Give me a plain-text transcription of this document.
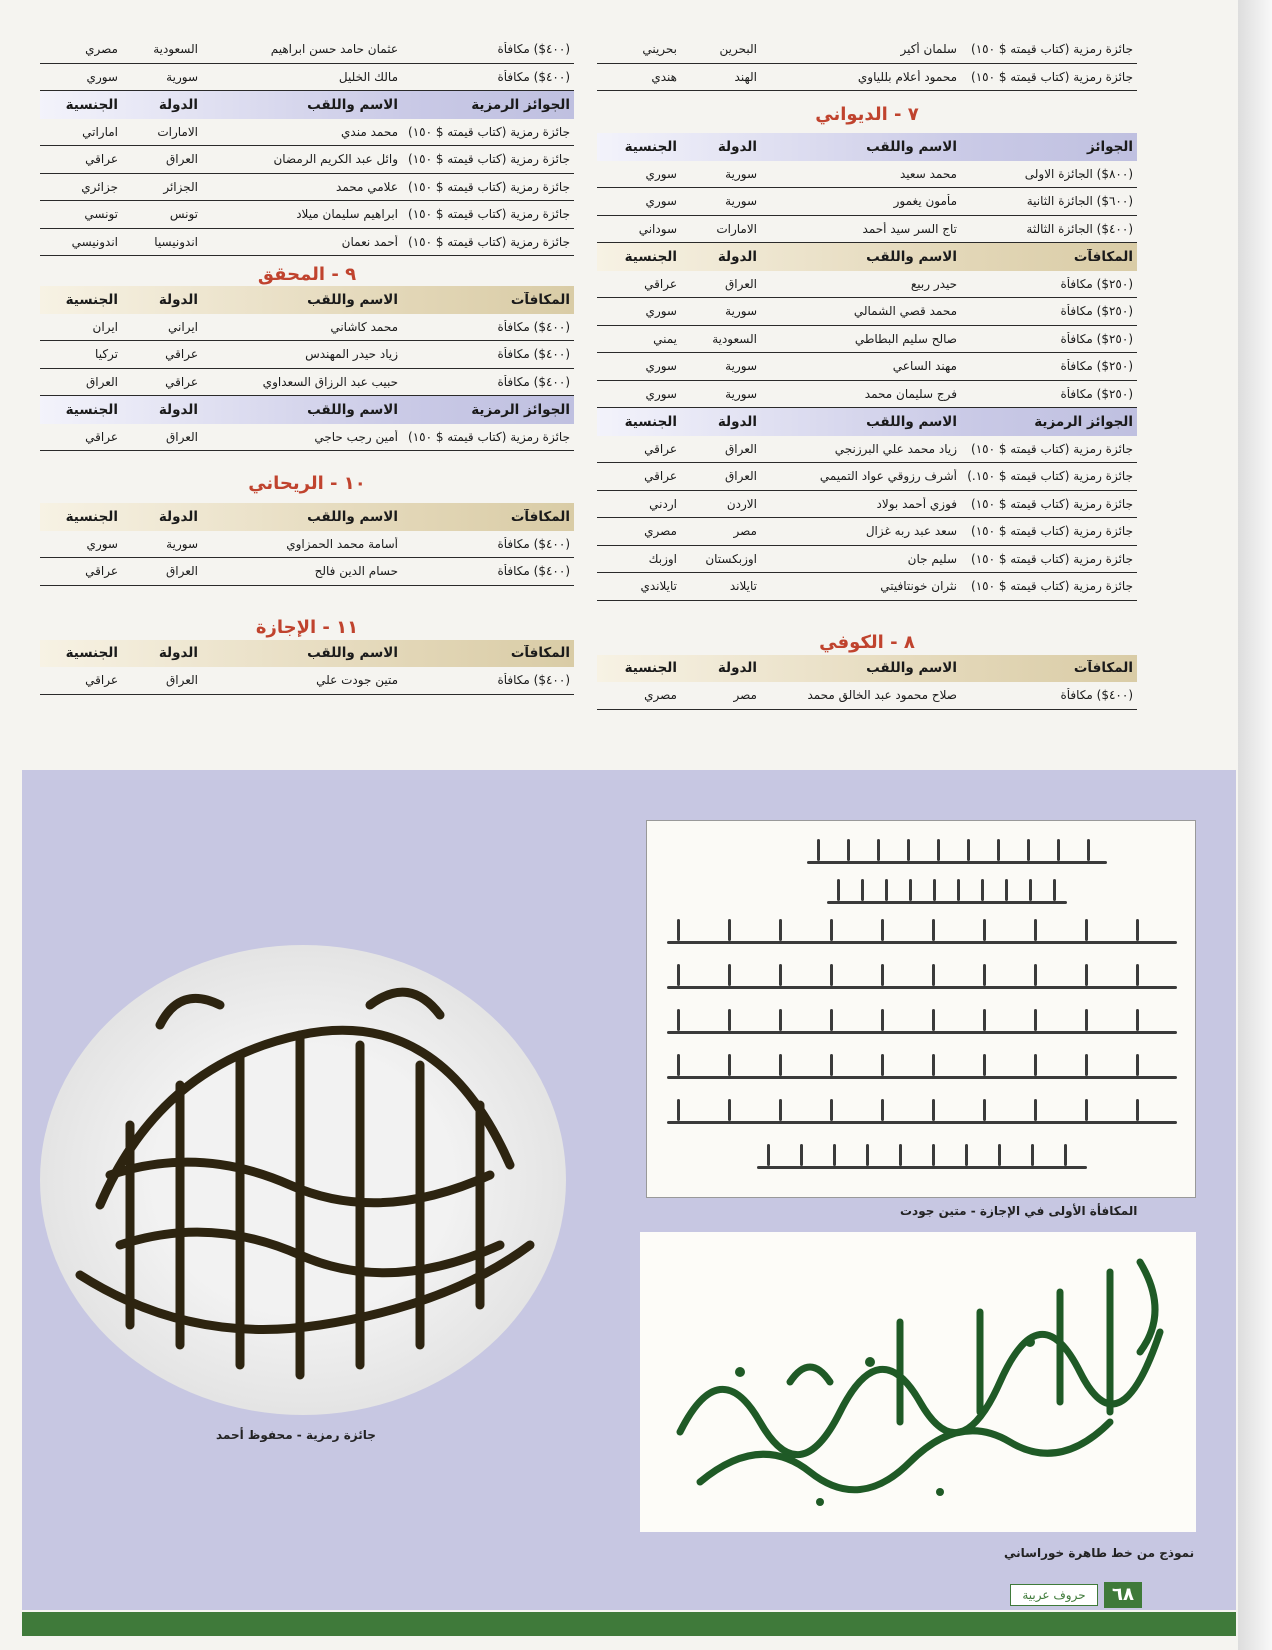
جائزة رمزية (كتاب قيمته $ ١٥٠)
سلمان أكير
البحرين
بحريني
جائزة رمزية (كتاب قيمته $ ١٥٠)
محمود أعلام بللياوي
الهند
هندي
٧ - الديواني
الجوائز
الاسم واللقب
الدولة
الجنسية
(٨٠٠$) الجائزة الاولى
محمد سعيد
سورية
سوري
(٦٠٠$) الجائزة الثانية
مأمون يغمور
سورية
سوري
(٤٠٠$) الجائزة الثالثة
تاج السر سيد أحمد
الامارات
سوداني
المكافآت
الاسم واللقب
الدولة
الجنسية
(٢٥٠$) مكافأة
حيدر ربيع
العراق
عراقي
(٢٥٠$) مكافأة
محمد قصي الشمالي
سورية
سوري
(٢٥٠$) مكافأة
صالح سليم البطاطي
السعودية
يمني
(٢٥٠$) مكافأة
مهند الساعي
سورية
سوري
(٢٥٠$) مكافأة
فرج سليمان محمد
سورية
سوري
الجوائز الرمزية
الاسم واللقب
الدولة
الجنسية
جائزة رمزية (كتاب قيمته $ ١٥٠)
زياد محمد علي البرزنجي
العراق
عراقي
جائزة رمزية (كتاب قيمته $ ١٥٠.)
أشرف رزوقي عواد التميمي
العراق
عراقي
جائزة رمزية (كتاب قيمته $ ١٥٠)
فوزي أحمد بولاد
الاردن
اردني
جائزة رمزية (كتاب قيمته $ ١٥٠)
سعد عبد ربه غزال
مصر
مصري
جائزة رمزية (كتاب قيمته $ ١٥٠)
سليم جان
اوزبكستان
اوزبك
جائزة رمزية (كتاب قيمته $ ١٥٠)
نثران خونتافيتي
تايلاند
تايلاندي
٨ - الكوفي
المكافآت
الاسم واللقب
الدولة
الجنسية
(٤٠٠$) مكافأة
صلاح محمود عبد الخالق محمد
مصر
مصري
(٤٠٠$) مكافأة
عثمان حامد حسن ابراهيم
السعودية
مصري
(٤٠٠$) مكافأة
مالك الخليل
سورية
سوري
الجوائز الرمزية
الاسم واللقب
الدولة
الجنسية
جائزة رمزية (كتاب قيمته $ ١٥٠)
محمد مندي
الامارات
اماراتي
جائزة رمزية (كتاب قيمته $ ١٥٠)
وائل عبد الكريم الرمضان
العراق
عراقي
جائزة رمزية (كتاب قيمته $ ١٥٠)
علامي محمد
الجزائر
جزائري
جائزة رمزية (كتاب قيمته $ ١٥٠)
ابراهيم سليمان ميلاد
تونس
تونسي
جائزة رمزية (كتاب قيمته $ ١٥٠)
أحمد نعمان
اندونيسيا
اندونيسي
٩ - المحقق
المكافآت
الاسم واللقب
الدولة
الجنسية
(٤٠٠$) مكافأة
محمد كاشاني
ايراني
ايران
(٤٠٠$) مكافأة
زياد حيدر المهندس
عراقي
تركيا
(٤٠٠$) مكافأة
حبيب عبد الرزاق السعداوي
عراقي
العراق
الجوائز الرمزية
الاسم واللقب
الدولة
الجنسية
جائزة رمزية (كتاب قيمته $ ١٥٠)
أمين رجب حاجي
العراق
عراقي
١٠ - الريحاني
المكافآت
الاسم واللقب
الدولة
الجنسية
(٤٠٠$) مكافأة
أسامة محمد الحمزاوي
سورية
سوري
(٤٠٠$) مكافأة
حسام الدين فالح
العراق
عراقي
١١ - الإجازة
المكافآت
الاسم واللقب
الدولة
الجنسية
(٤٠٠$) مكافأة
متين جودت علي
العراق
عراقي
المكافأة الأولى في الإجازة - متين جودت
نموذج من خط طاهرة خوراساني
جائزة رمزية - محفوظ أحمد
٦٨
حروف عربية
